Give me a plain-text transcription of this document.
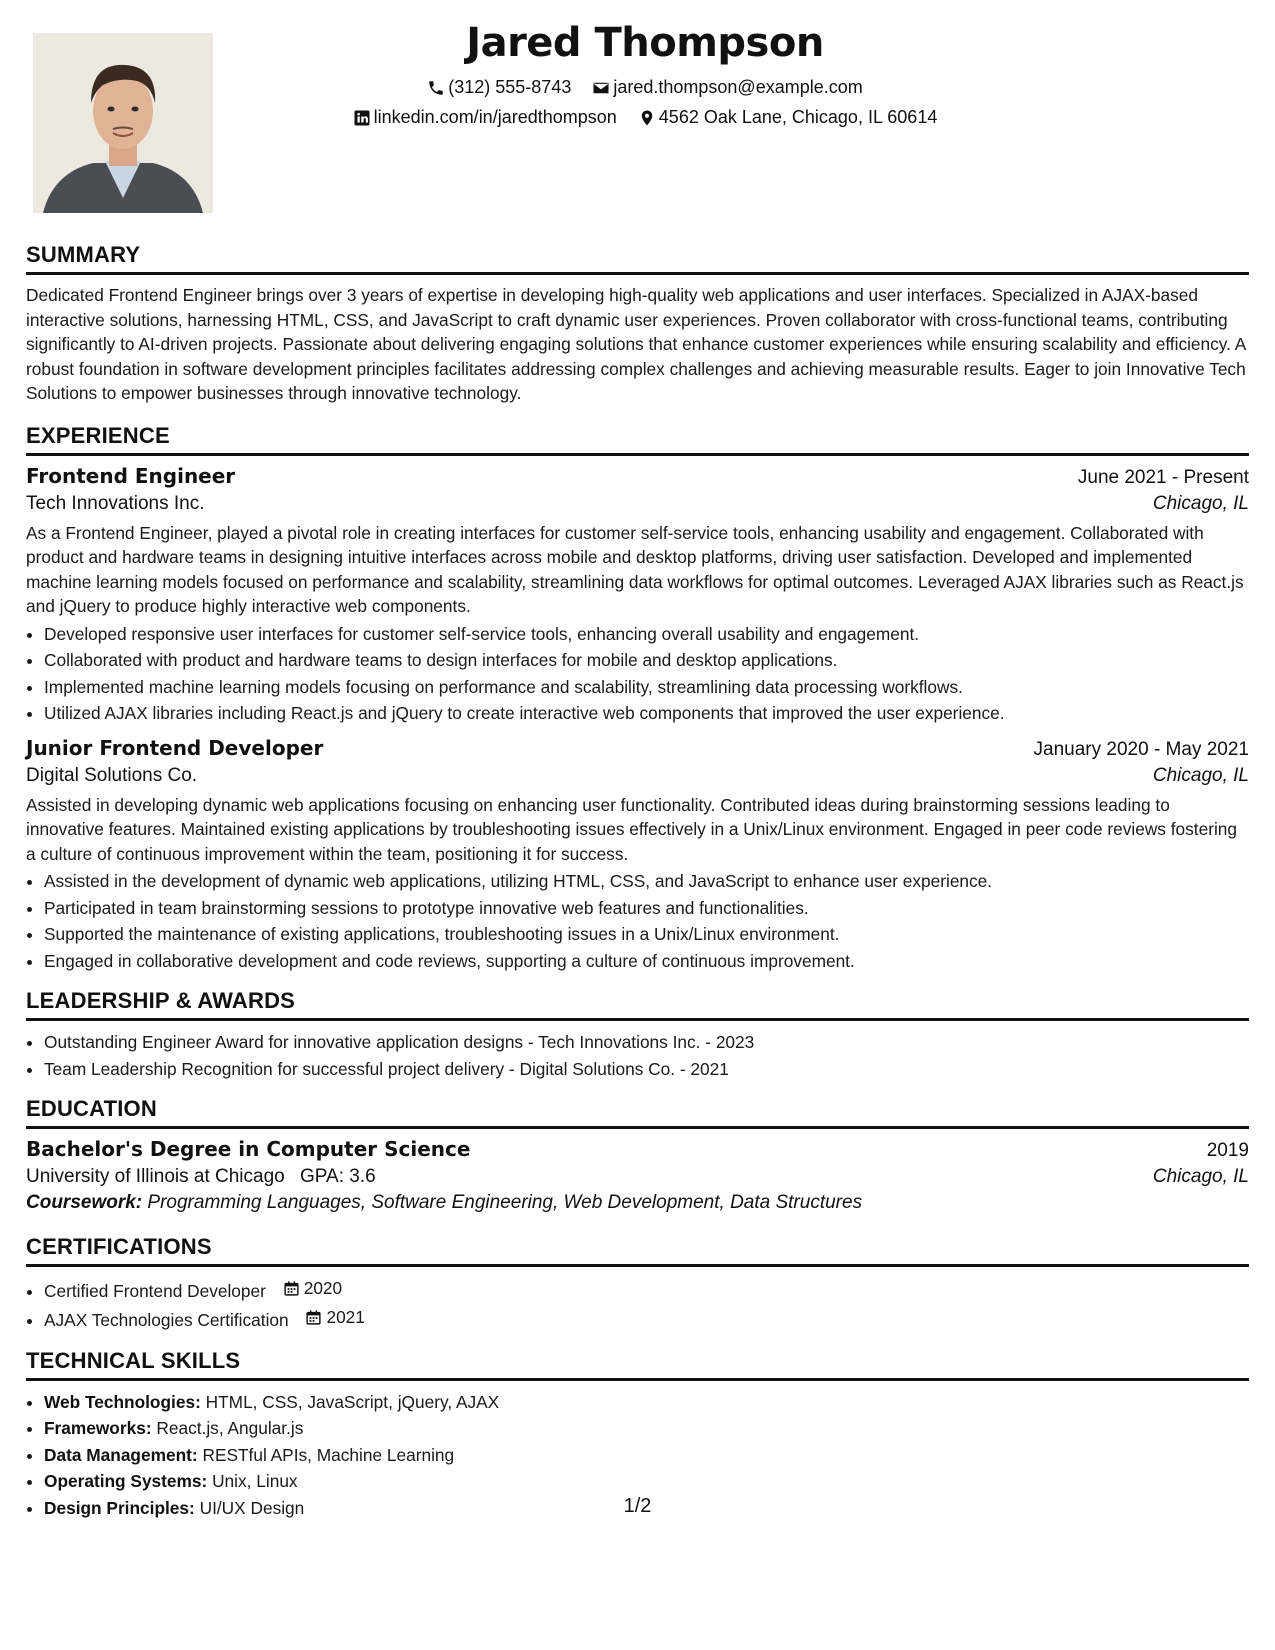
Jared Thompson
(312) 555-8743
jared.thompson@example.com
linkedin.com/in/jaredthompson
4562 Oak Lane, Chicago, IL 60614
SUMMARY

Dedicated Frontend Engineer brings over 3 years of expertise in developing high-quality web applications and user interfaces. Specialized in AJAX-based interactive solutions, harnessing HTML, CSS, and JavaScript to craft dynamic user experiences. Proven collaborator with cross-functional teams, contributing significantly to AI-driven projects. Passionate about delivering engaging solutions that enhance customer experiences while ensuring scalability and efficiency. A robust foundation in software development principles facilitates addressing complex challenges and achieving measurable results. Eager to join Innovative Tech Solutions to empower businesses through innovative technology.

EXPERIENCE
Frontend Engineer	June 2021 - Present
Tech Innovations Inc.	Chicago, IL

As a Frontend Engineer, played a pivotal role in creating interfaces for customer self-service tools, enhancing usability and engagement. Collaborated with product and hardware teams in designing intuitive interfaces across mobile and desktop platforms, driving user satisfaction. Developed and implemented machine learning models focused on performance and scalability, streamlining data workflows for optimal outcomes. Leveraged AJAX libraries such as React.js and jQuery to produce highly interactive web components.

• Developed responsive user interfaces for customer self-service tools, enhancing overall usability and engagement.
• Collaborated with product and hardware teams to design interfaces for mobile and desktop applications.
• Implemented machine learning models focusing on performance and scalability, streamlining data processing workflows.
• Utilized AJAX libraries including React.js and jQuery to create interactive web components that improved the user experience.
Junior Frontend Developer	January 2020 - May 2021
Digital Solutions Co.	Chicago, IL

Assisted in developing dynamic web applications focusing on enhancing user functionality. Contributed ideas during brainstorming sessions leading to innovative features. Maintained existing applications by troubleshooting issues effectively in a Unix/Linux environment. Engaged in peer code reviews fostering a culture of continuous improvement within the team, positioning it for success.

• Assisted in the development of dynamic web applications, utilizing HTML, CSS, and JavaScript to enhance user experience.
• Participated in team brainstorming sessions to prototype innovative web features and functionalities.
• Supported the maintenance of existing applications, troubleshooting issues in a Unix/Linux environment.
• Engaged in collaborative development and code reviews, supporting a culture of continuous improvement.
LEADERSHIP & AWARDS
• Outstanding Engineer Award for innovative application designs - Tech Innovations Inc. - 2023
• Team Leadership Recognition for successful project delivery - Digital Solutions Co. - 2021
EDUCATION
Bachelor's Degree in Computer Science	2019
University of Illinois at Chicago GPA: 3.6	Chicago, IL
Coursework: Programming Languages, Software Engineering, Web Development, Data Structures
CERTIFICATIONS
• Certified Frontend Developer 2020
• AJAX Technologies Certification 2021
TECHNICAL SKILLS
• Web Technologies: HTML, CSS, JavaScript, jQuery, AJAX
• Frameworks: React.js, Angular.js
• Data Management: RESTful APIs, Machine Learning
• Operating Systems: Unix, Linux
• Design Principles: UI/UX Design	1/2
